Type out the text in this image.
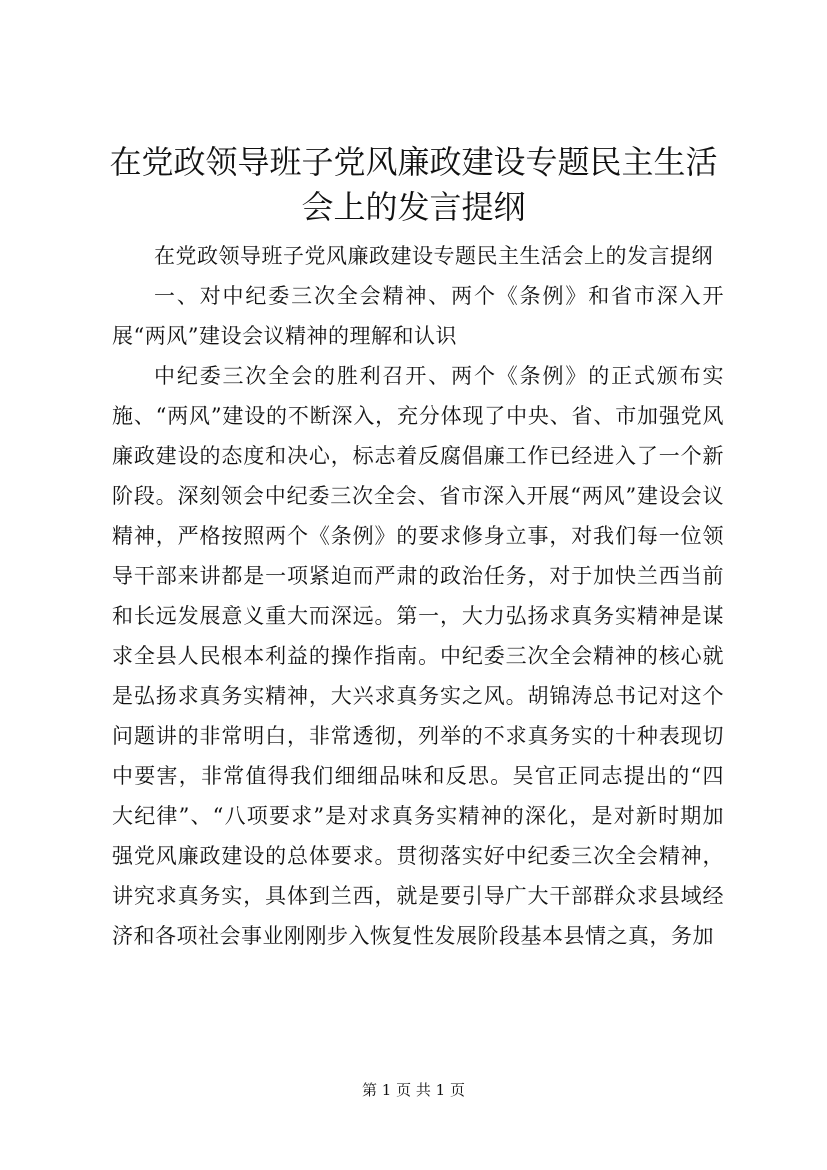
在党政领导班子党风廉政建设专题民主生活会上的发言提纲

在党政领导班子党风廉政建设专题民主生活会上的发言提纲

一、对中纪委三次全会精神、两个《条例》和省市深入开展“两风”建设会议精神的理解和认识

中纪委三次全会的胜利召开、两个《条例》的正式颁布实施、“两风”建设的不断深入，充分体现了中央、省、市加强党风廉政建设的态度和决心，标志着反腐倡廉工作已经进入了一个新阶段。深刻领会中纪委三次全会、省市深入开展“两风”建设会议精神，严格按照两个《条例》的要求修身立事，对我们每一位领导干部来讲都是一项紧迫而严肃的政治任务，对于加快兰西当前和长远发展意义重大而深远。第一，大力弘扬求真务实精神是谋求全县人民根本利益的操作指南。中纪委三次全会精神的核心就是弘扬求真务实精神，大兴求真务实之风。胡锦涛总书记对这个问题讲的非常明白，非常透彻，列举的不求真务实的十种表现切中要害，非常值得我们细细品味和反思。吴官正同志提出的“四大纪律”、“八项要求”是对求真务实精神的深化，是对新时期加强党风廉政建设的总体要求。贯彻落实好中纪委三次全会精神，讲究求真务实，具体到兰西，就是要引导广大干部群众求县域经济和各项社会事业刚刚步入恢复性发展阶段基本县情之真，务加

第 1 页 共 1 页
